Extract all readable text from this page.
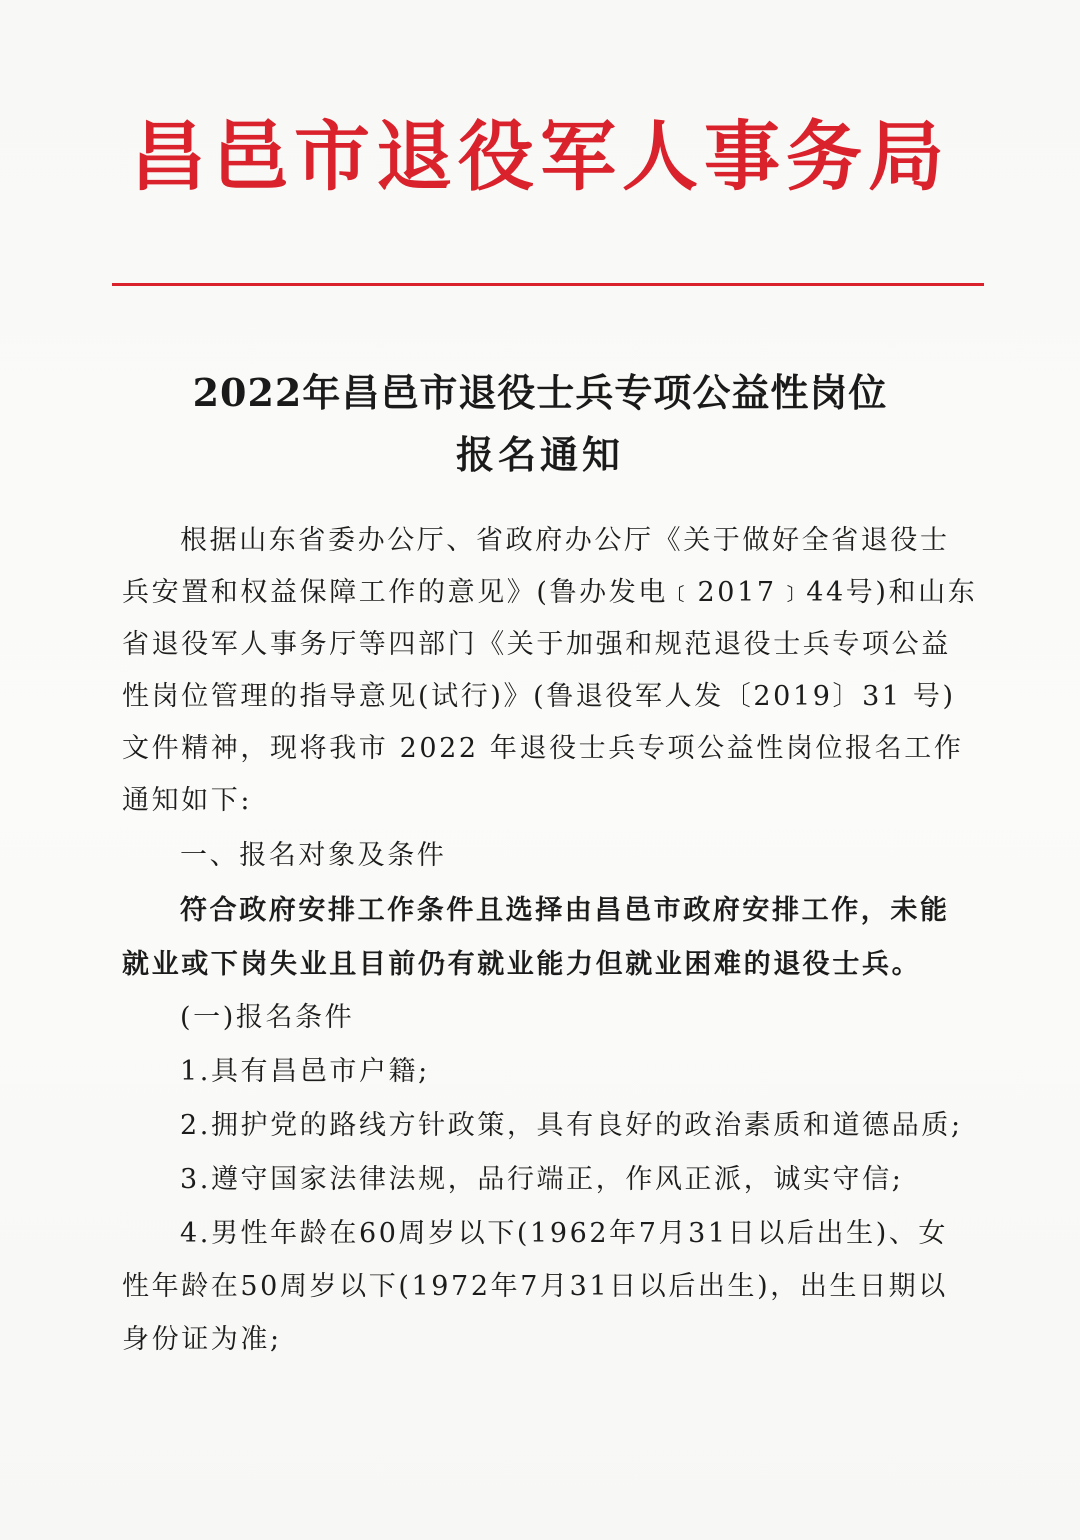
昌邑市退役军人事务局
2022年昌邑市退役士兵专项公益性岗位
报名通知
根据山东省委办公厅、省政府办公厅《关于做好全省退役士
兵安置和权益保障工作的意见》(鲁办发电﹝2017﹞44号)和山东
省退役军人事务厅等四部门《关于加强和规范退役士兵专项公益
性岗位管理的指导意见(试行)》(鲁退役军人发〔2019〕31 号)
文件精神，现将我市 2022 年退役士兵专项公益性岗位报名工作
通知如下:
一、报名对象及条件
符合政府安排工作条件且选择由昌邑市政府安排工作，未能
就业或下岗失业且目前仍有就业能力但就业困难的退役士兵。
(一)报名条件
1.具有昌邑市户籍;
2.拥护党的路线方针政策，具有良好的政治素质和道德品质;
3.遵守国家法律法规，品行端正，作风正派，诚实守信;
4.男性年龄在60周岁以下(1962年7月31日以后出生)、女
性年龄在50周岁以下(1972年7月31日以后出生)，出生日期以
身份证为准;
